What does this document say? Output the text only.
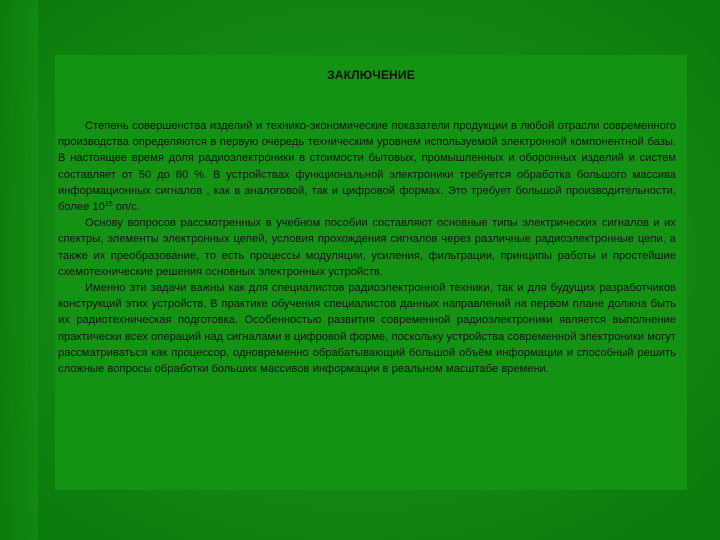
ЗАКЛЮЧЕНИЕ

Степень совершенства изделий и технико-экономические показатели продукции в любой отрасли современного производства определяются в первую очередь техническим уровнем используемой электронной компонентной базы. В настоящее время доля радиоэлектроники в стоимости бытовых, промышленных и оборонных изделий и систем составляет от 50 до 80 %. В устройствах функциональной электроники требуется обработка большого массива информационных сигналов , как в аналоговой, так и цифровой формах. Это требует большой производительности, более $10^{15}$ оп/с.

Основу вопросов рассмотренных в учебном пособии составляют основные типы электрических сигналов и их спектры, элементы электронных цепей, условия прохождения сигналов через различные радиоэлектронные цепи, а также их преобразование, то есть процессы модуляции, усиления, фильтрации, принципы работы и простейшие схемотехнические решения основных электронных устройств.

Именно эти задачи важны как для специалистов радиоэлектронной техники, так и для будущих разработчиков конструкций этих устройств. В практике обучения специалистов данных направлений на первом плане должна быть их радиотехническая подготовка. Особенностью развития современной радиоэлектроники является выполнение практически всех операций над сигналами в цифровой форме, поскольку устройства современной электроники могут рассматриваться как процессор, одновременно обрабатывающий большой объём информации и способный решить сложные вопросы обработки больших массивов информации в реальном масштабе времени.
